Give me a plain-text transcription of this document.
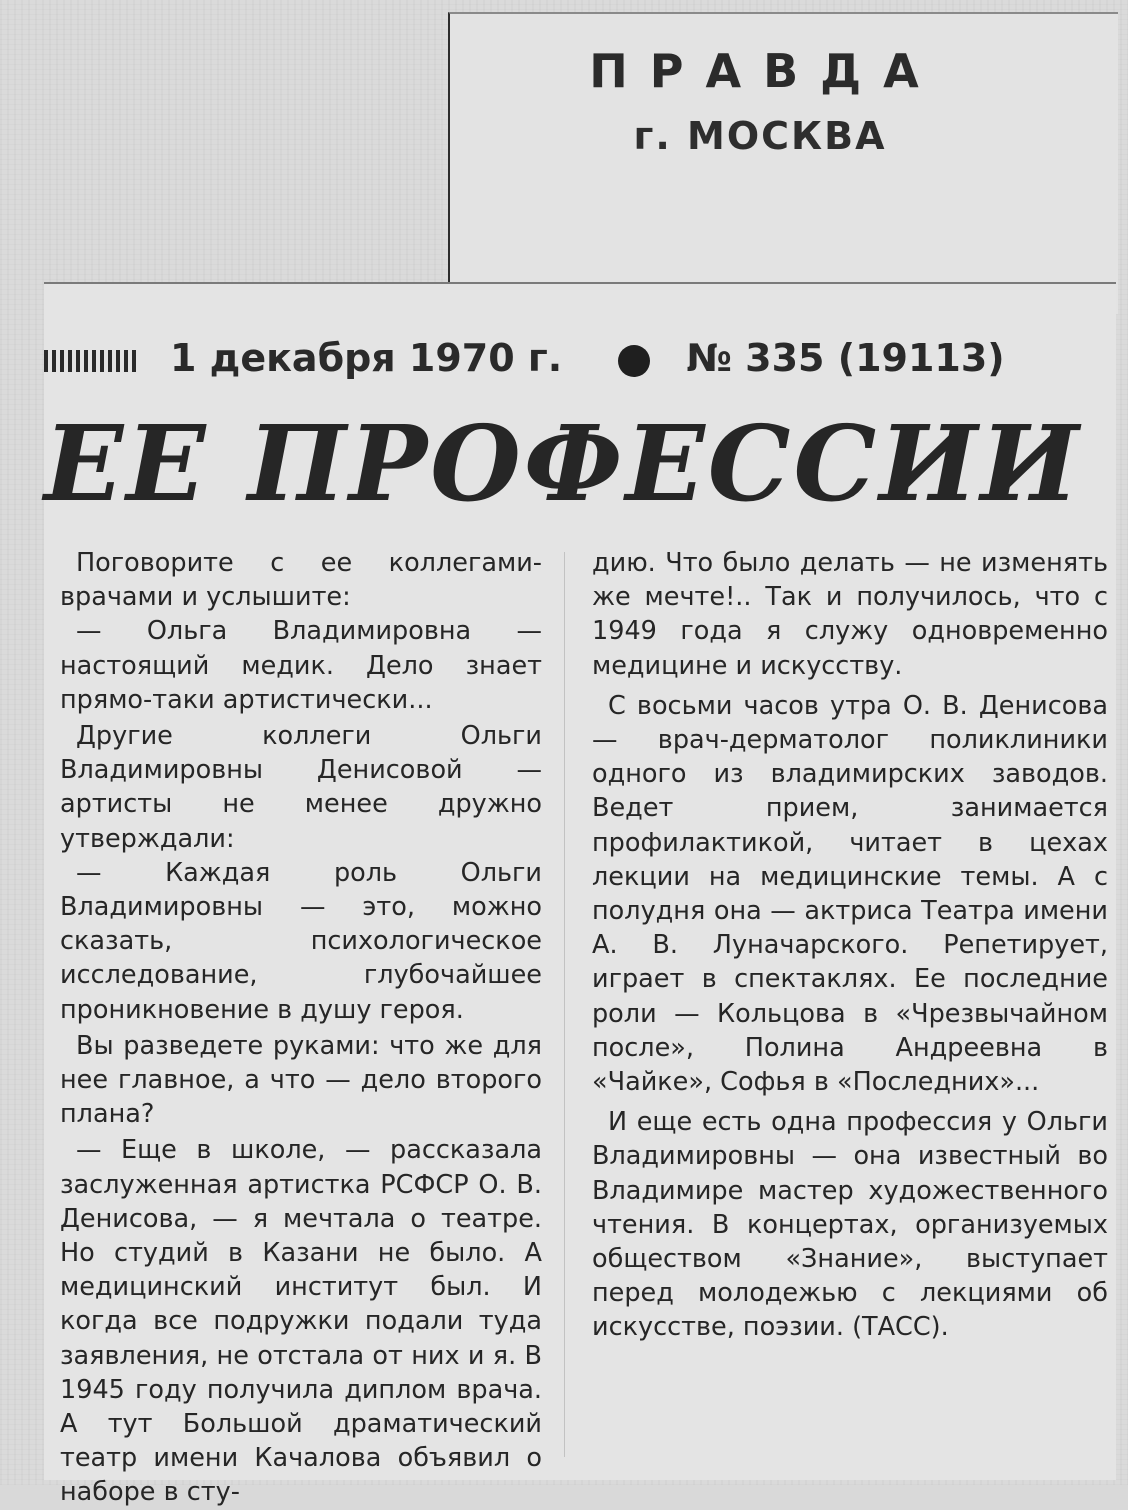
ПРАВДА
г. МОСКВА
1 декабря 1970 г.	№ 335 (19113)
ЕЕ ПРОФЕССИИ

Поговорите с ее коллегами-врачами и услышите:

— Ольга Владимировна — настоящий медик. Дело знает прямо-таки артистически...

Другие коллеги Ольги Владимировны Денисовой — артисты не менее дружно утверждали:

— Каждая роль Ольги Владимировны — это, можно сказать, психологическое исследование, глубочайшее проникновение в душу героя.

Вы разведете руками: что же для нее главное, а что — дело второго плана?

— Еще в школе, — рассказала заслуженная артистка РСФСР О. В. Денисова, — я мечтала о театре. Но студий в Казани не было. А медицинский институт был. И когда все подружки подали туда заявления, не отстала от них и я. В 1945 году получила диплом врача. А тут Большой драматический театр имени Качалова объявил о наборе в сту-

дию. Что было делать — не изменять же мечте!.. Так и получилось, что с 1949 года я служу одновременно медицине и искусству.

С восьми часов утра О. В. Денисова — врач-дерматолог поликлиники одного из владимирских заводов. Ведет прием, занимается профилактикой, читает в цехах лекции на медицинские темы. А с полудня она — актриса Театра имени А. В. Луначарского. Репетирует, играет в спектаклях. Ее последние роли — Кольцова в «Чрезвычайном после», Полина Андреевна в «Чайке», Софья в «Последних»...

И еще есть одна профессия у Ольги Владимировны — она известный во Владимире мастер художественного чтения. В концертах, организуемых обществом «Знание», выступает перед молодежью с лекциями об искусстве, поэзии. (ТАСС).
